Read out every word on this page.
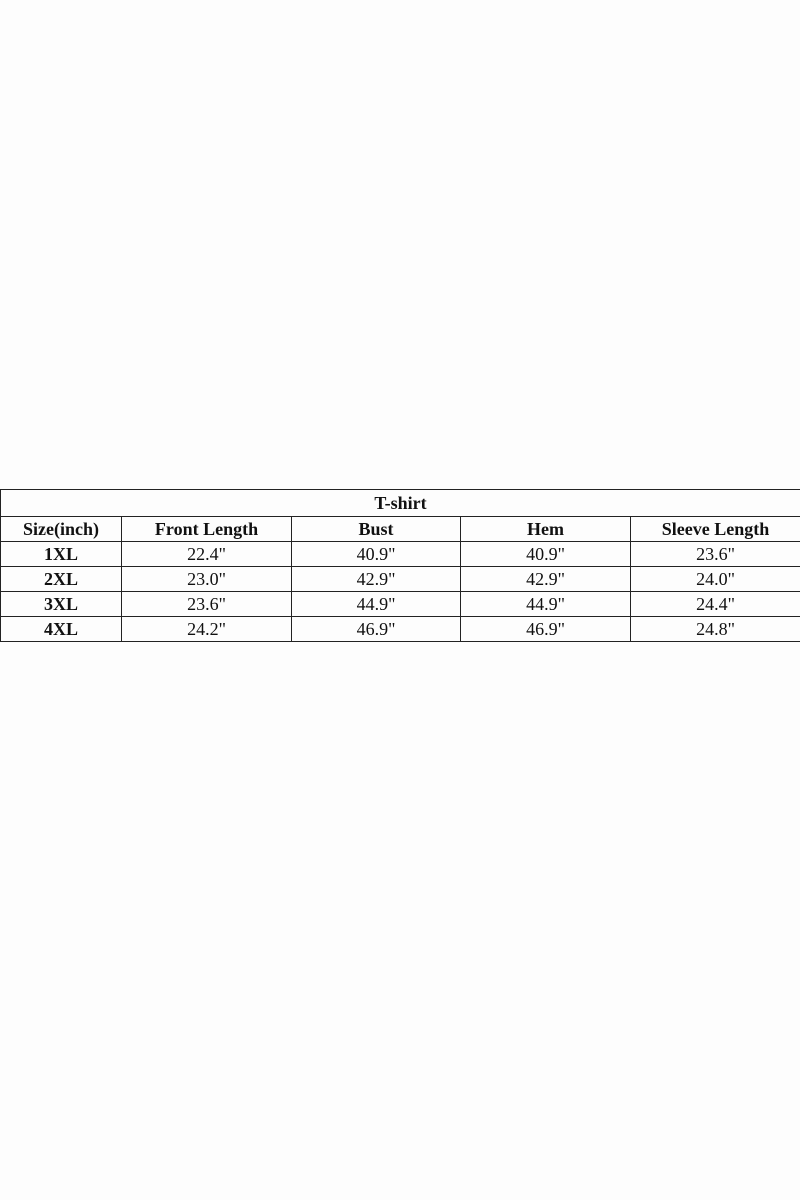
T-shirt				
Size(inch)	Front Length	Bust	Hem	Sleeve Length
1XL	22.4"	40.9"	40.9"	23.6"
2XL	23.0"	42.9"	42.9"	24.0"
3XL	23.6"	44.9"	44.9"	24.4"
4XL	24.2"	46.9"	46.9"	24.8"
